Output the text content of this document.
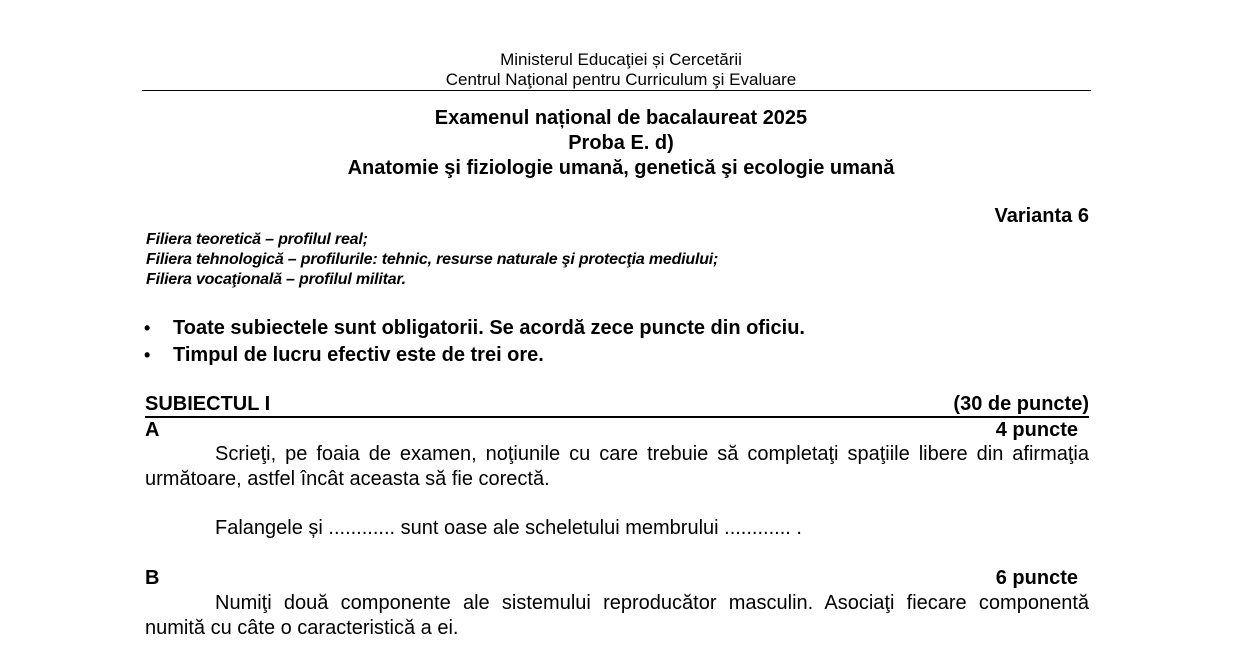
Ministerul Educaţiei și Cercetării
Centrul Naţional pentru Curriculum şi Evaluare
Examenul național de bacalaureat 2025
Proba E. d)
Anatomie şi fiziologie umană, genetică şi ecologie umană
Varianta 6
Filiera teoretică – profilul real;
Filiera tehnologică – profilurile: tehnic, resurse naturale şi protecţia mediului;
Filiera vocaţională – profilul militar.
• Toate subiectele sunt obligatorii. Se acordă zece puncte din oficiu.
• Timpul de lucru efectiv este de trei ore.
SUBIECTUL I	(30 de puncte)
A	4 puncte
Scrieţi, pe foaia de examen, noţiunile cu care trebuie să completaţi spaţiile libere din afirmaţia următoare, astfel încât aceasta să fie corectă.
Falangele și ............ sunt oase ale scheletului membrului ............ .
B	6 puncte
Numiţi două componente ale sistemului reproducător masculin. Asociaţi fiecare componentă numită cu câte o caracteristică a ei.
